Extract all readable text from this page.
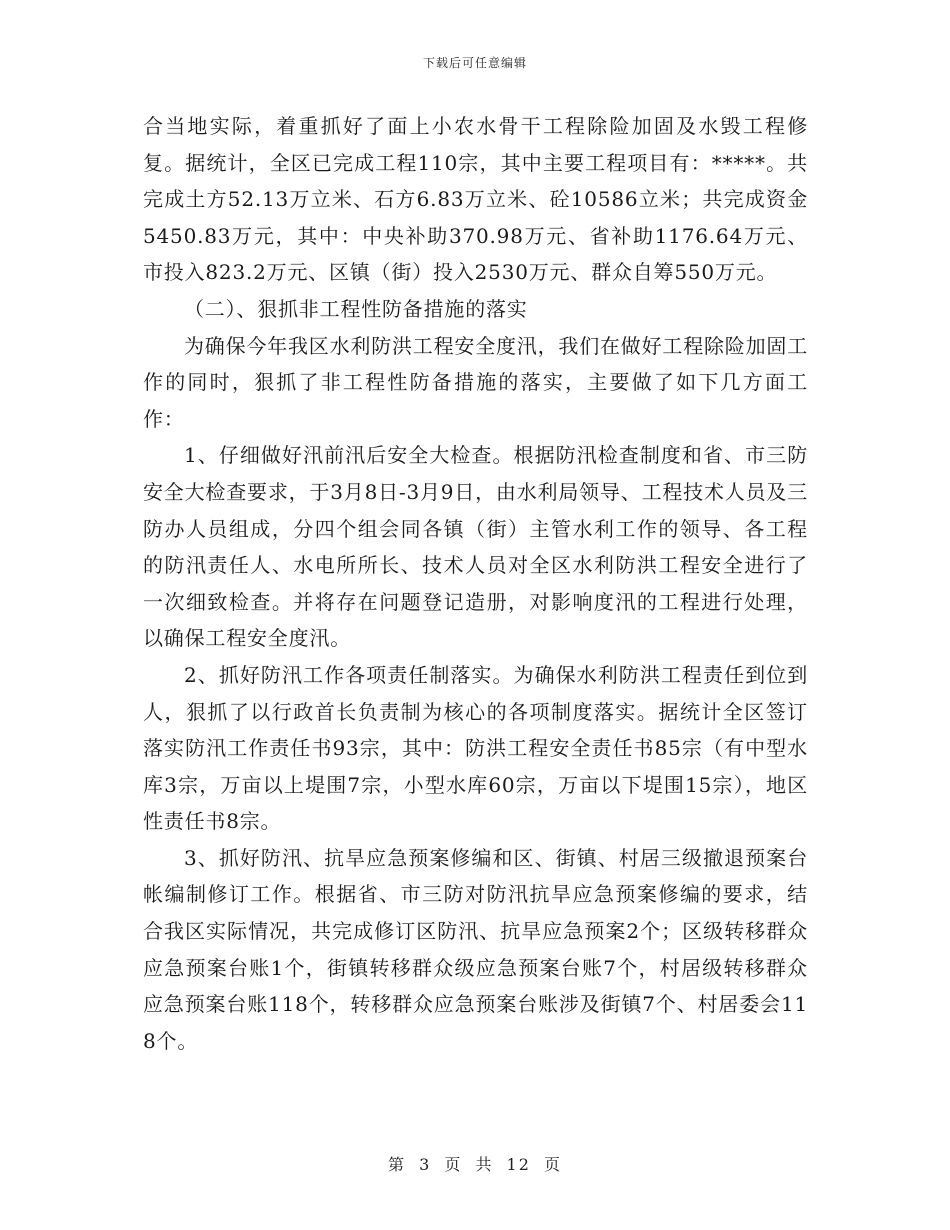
下载后可任意编辑

合当地实际，着重抓好了面上小农水骨干工程除险加固及水毁工程修复。据统计，全区已完成工程110宗，其中主要工程项目有：*****。共完成土方52.13万立米、石方6.83万立米、砼10586立米；共完成资金5450.83万元，其中：中央补助370.98万元、省补助1176.64万元、市投入823.2万元、区镇（街）投入2530万元、群众自筹550万元。

（二）、狠抓非工程性防备措施的落实

为确保今年我区水利防洪工程安全度汛，我们在做好工程除险加固工作的同时，狠抓了非工程性防备措施的落实，主要做了如下几方面工作：

1、仔细做好汛前汛后安全大检查。根据防汛检查制度和省、市三防安全大检查要求，于3月8日-3月9日，由水利局领导、工程技术人员及三防办人员组成，分四个组会同各镇（街）主管水利工作的领导、各工程的防汛责任人、水电所所长、技术人员对全区水利防洪工程安全进行了一次细致检查。并将存在问题登记造册，对影响度汛的工程进行处理，以确保工程安全度汛。

2、抓好防汛工作各项责任制落实。为确保水利防洪工程责任到位到人，狠抓了以行政首长负责制为核心的各项制度落实。据统计全区签订落实防汛工作责任书93宗，其中：防洪工程安全责任书85宗（有中型水库3宗，万亩以上堤围7宗，小型水库60宗，万亩以下堤围15宗），地区性责任书8宗。

3、抓好防汛、抗旱应急预案修编和区、街镇、村居三级撤退预案台帐编制修订工作。根据省、市三防对防汛抗旱应急预案修编的要求，结合我区实际情况，共完成修订区防汛、抗旱应急预案2个；区级转移群众应急预案台账1个，街镇转移群众级应急预案台账7个，村居级转移群众应急预案台账118个，转移群众应急预案台账涉及街镇7个、村居委会118个。

第 3 页 共 12 页
